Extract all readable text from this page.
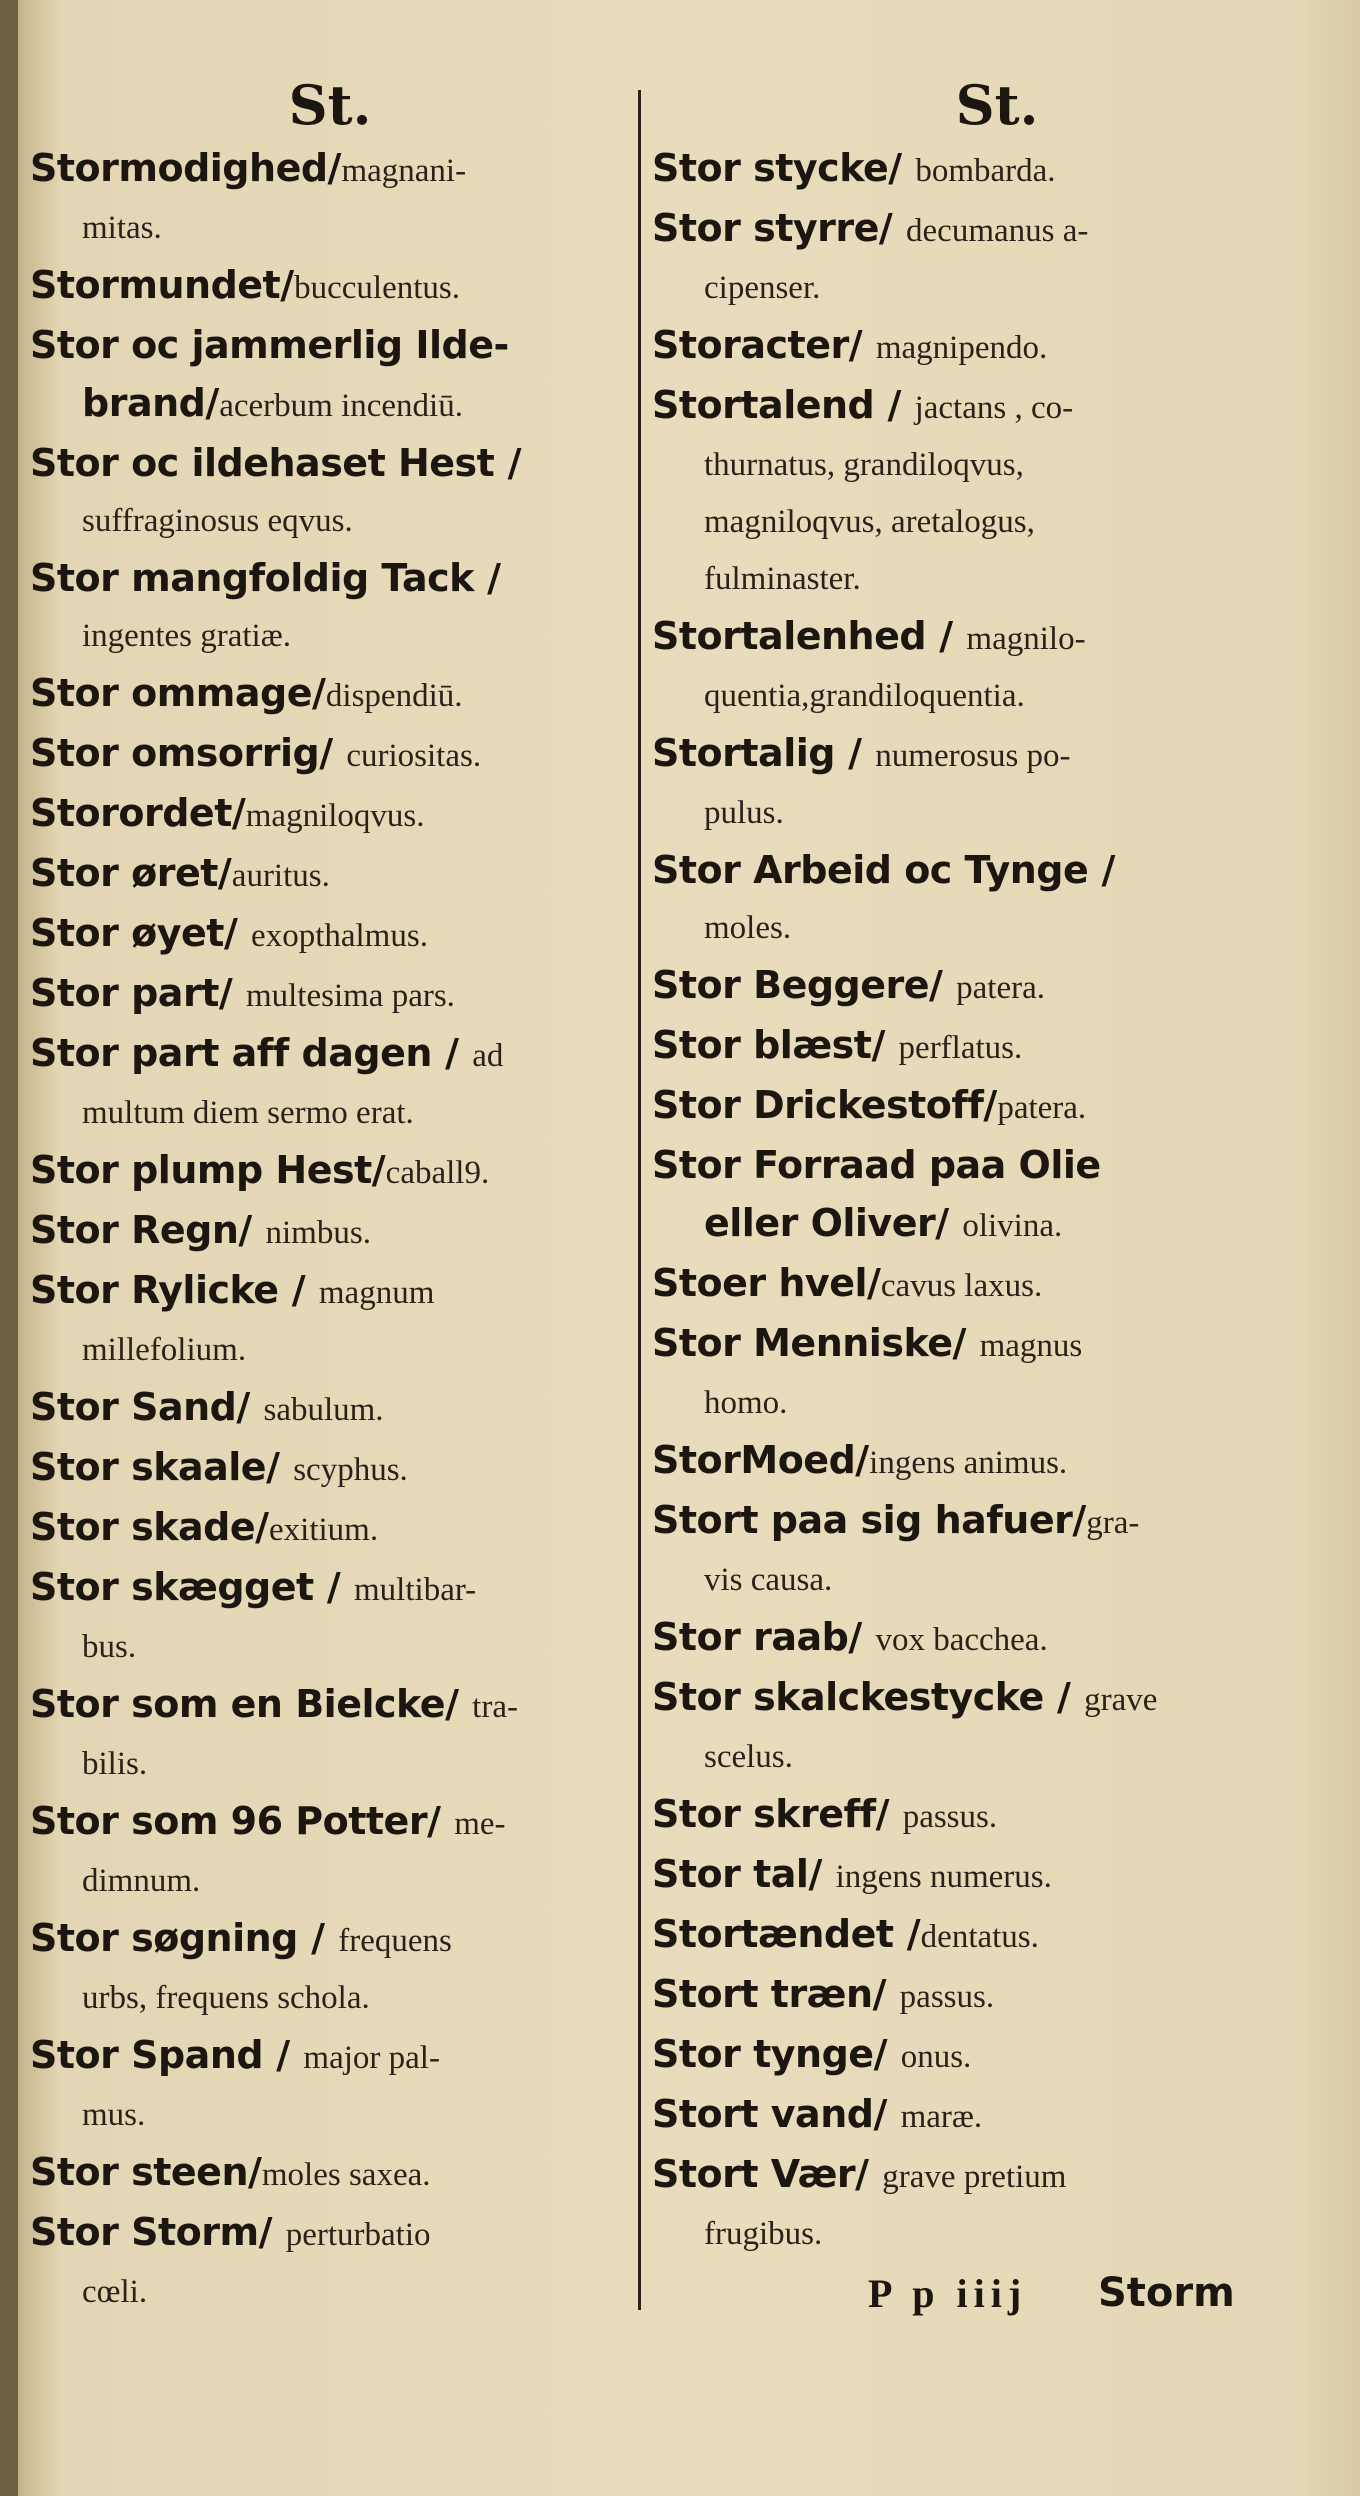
St.
Stormodighed/magnani-
mitas.
Stormundet/bucculentus.
Stor oc jammerlig Ilde-
brand/acerbum incendiū.
Stor oc ildehaset Hest /
suffraginosus eqvus.
Stor mangfoldig Tack /
ingentes gratiæ.
Stor ommage/dispendiū.
Stor omsorrig/ curiositas.
Storordet/magniloqvus.
Stor øret/auritus.
Stor øyet/ exopthalmus.
Stor part/ multesima pars.
Stor part aff dagen / ad
multum diem sermo erat.
Stor plump Hest/caball9.
Stor Regn/ nimbus.
Stor Rylicke / magnum
millefolium.
Stor Sand/ sabulum.
Stor skaale/ scyphus.
Stor skade/exitium.
Stor skægget / multibar-
bus.
Stor som en Bielcke/ tra-
bilis.
Stor som 96 Potter/ me-
dimnum.
Stor søgning / frequens
urbs, frequens schola.
Stor Spand / major pal-
mus.
Stor steen/moles saxea.
Stor Storm/ perturbatio
cœli.
St.
Stor stycke/ bombarda.
Stor styrre/ decumanus a-
cipenser.
Storacter/ magnipendo.
Stortalend / jactans , co-
thurnatus, grandiloqvus,
magniloqvus, aretalogus,
fulminaster.
Stortalenhed / magnilo-
quentia,grandiloquentia.
Stortalig / numerosus po-
pulus.
Stor Arbeid oc Tynge /
moles.
Stor Beggere/ patera.
Stor blæst/ perflatus.
Stor Drickestoff/patera.
Stor Forraad paa Olie
eller Oliver/ olivina.
Stoer hvel/cavus laxus.
Stor Menniske/ magnus
homo.
StorMoed/ingens animus.
Stort paa sig hafuer/gra-
vis causa.
Stor raab/ vox bacchea.
Stor skalckestycke / grave
scelus.
Stor skreff/ passus.
Stor tal/ ingens numerus.
Stortændet /dentatus.
Stort træn/ passus.
Stor tynge/ onus.
Stort vand/ maræ.
Stort Vær/ grave pretium
frugibus.
P p iiij Storm
